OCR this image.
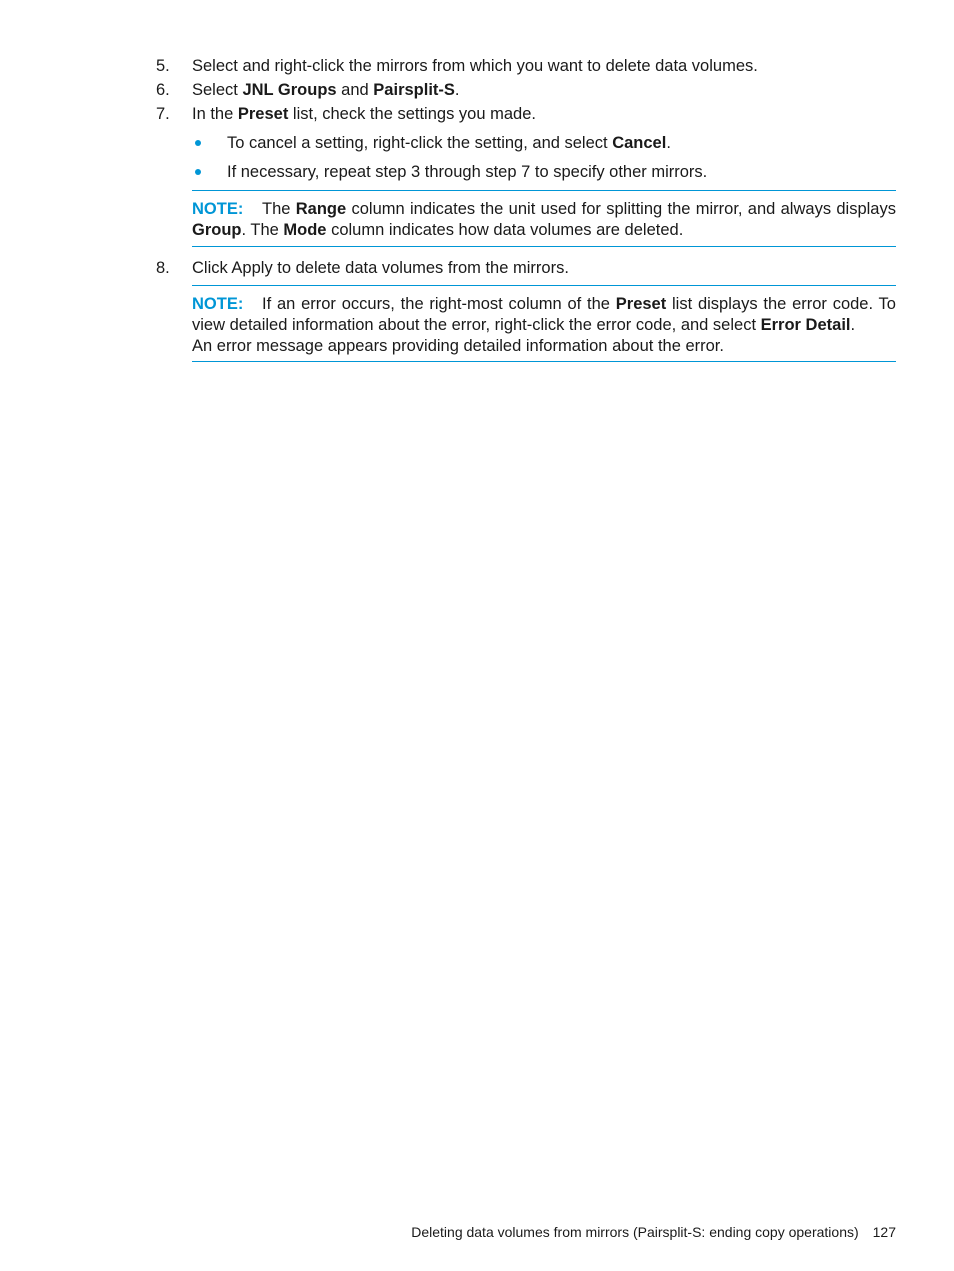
5. Select and right-click the mirrors from which you want to delete data volumes.
6. Select JNL Groups and Pairsplit-S.
7. In the Preset list, check the settings you made.
To cancel a setting, right-click the setting, and select Cancel.
If necessary, repeat step 3 through step 7 to specify other mirrors.
NOTE: The Range column indicates the unit used for splitting the mirror, and always displays
Group. The Mode column indicates how data volumes are deleted.
8. Click Apply to delete data volumes from the mirrors.
NOTE: If an error occurs, the right-most column of the Preset list displays the error code. To
view detailed information about the error, right-click the error code, and select Error Detail.
An error message appears providing detailed information about the error.
Deleting data volumes from mirrors (Pairsplit-S: ending copy operations) 127
